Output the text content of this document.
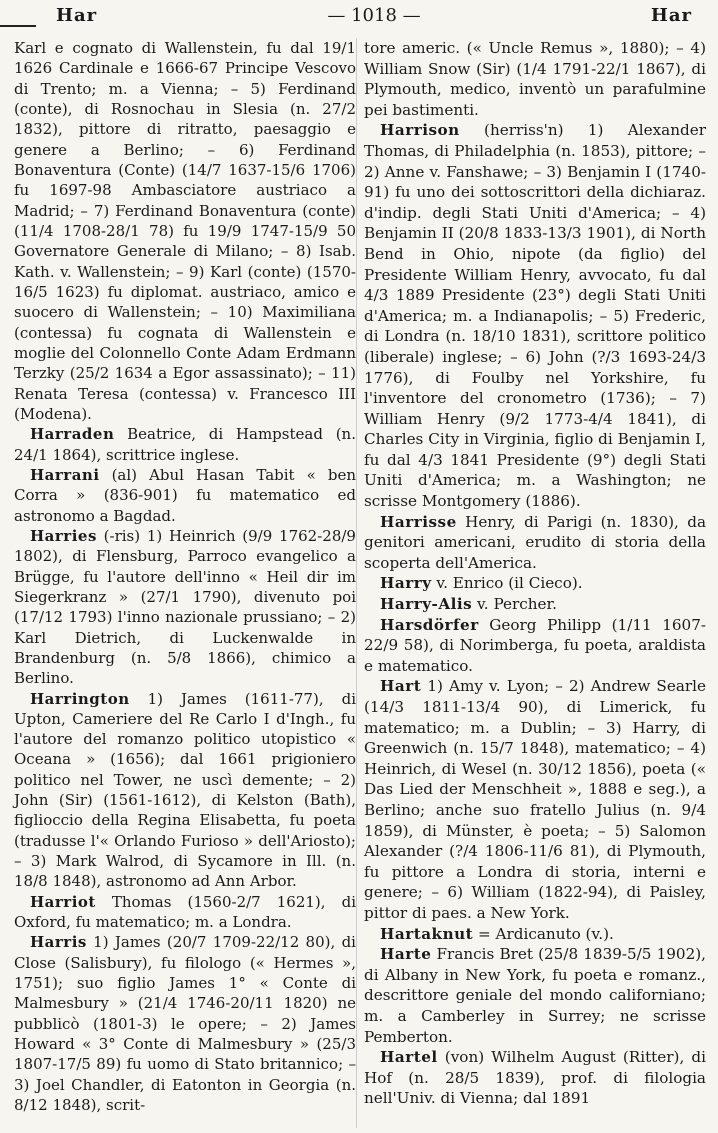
Har	— 1018 —	Har

Karl e cognato di Wallenstein, fu dal 19/1 1626 Cardinale e 1666-67 Principe Vescovo di Trento; m. a Vienna; – 5) Ferdinand (conte), di Rosnochau in Slesia (n. 27/2 1832), pittore di ritratto, paesaggio e genere a Berlino; – 6) Ferdinand Bonaventura (Conte) (14/7 1637-15/6 1706) fu 1697-98 Ambasciatore austriaco a Madrid; – 7) Ferdinand Bonaventura (conte) (11/4 1708-28/1 78) fu 19/9 1747-15/9 50 Governatore Generale di Milano; – 8) Isab. Kath. v. Wallenstein; – 9) Karl (conte) (1570-16/5 1623) fu diplomat. austriaco, amico e suocero di Wallenstein; – 10) Maximiliana (contessa) fu cognata di Wallenstein e moglie del Colonnello Conte Adam Erdmann Terzky (25/2 1634 a Egor assassinato); – 11) Renata Teresa (contessa) v. Francesco III (Modena).

Harraden Beatrice, di Hampstead (n. 24/1 1864), scrittrice inglese.

Harrani (al) Abul Hasan Tabit « ben Corra » (836-901) fu matematico ed astronomo a Bagdad.

Harries (-ris) 1) Heinrich (9/9 1762-28/9 1802), di Flensburg, Parroco evangelico a Brügge, fu l'autore dell'inno « Heil dir im Siegerkranz » (27/1 1790), divenuto poi (17/12 1793) l'inno nazionale prussiano; – 2) Karl Dietrich, di Luckenwalde in Brandenburg (n. 5/8 1866), chimico a Berlino.

Harrington 1) James (1611-77), di Upton, Cameriere del Re Carlo I d'Ingh., fu l'autore del romanzo politico utopistico « Oceana » (1656); dal 1661 prigioniero politico nel Tower, ne uscì demente; – 2) John (Sir) (1561-1612), di Kelston (Bath), figlioccio della Regina Elisabetta, fu poeta (tradusse l'« Orlando Furioso » dell'Ariosto); – 3) Mark Walrod, di Sycamore in Ill. (n. 18/8 1848), astronomo ad Ann Arbor.

Harriot Thomas (1560-2/7 1621), di Oxford, fu matematico; m. a Londra.

Harris 1) James (20/7 1709-22/12 80), di Close (Salisbury), fu filologo (« Hermes », 1751); suo figlio James 1° « Conte di Malmesbury » (21/4 1746-20/11 1820) ne pubblicò (1801-3) le opere; – 2) James Howard « 3° Conte di Malmesbury » (25/3 1807-17/5 89) fu uomo di Stato britannico; – 3) Joel Chandler, di Eatonton in Georgia (n. 8/12 1848), scrit-

tore americ. (« Uncle Remus », 1880); – 4) William Snow (Sir) (1/4 1791-22/1 1867), di Plymouth, medico, inventò un parafulmine pei bastimenti.

Harrison (herriss'n) 1) Alexander Thomas, di Philadelphia (n. 1853), pittore; – 2) Anne v. Fanshawe; – 3) Benjamin I (1740-91) fu uno dei sottoscrittori della dichiaraz. d'indip. degli Stati Uniti d'America; – 4) Benjamin II (20/8 1833-13/3 1901), di North Bend in Ohio, nipote (da figlio) del Presidente William Henry, avvocato, fu dal 4/3 1889 Presidente (23°) degli Stati Uniti d'America; m. a Indianapolis; – 5) Frederic, di Londra (n. 18/10 1831), scrittore politico (liberale) inglese; – 6) John (?/3 1693-24/3 1776), di Foulby nel Yorkshire, fu l'inventore del cronometro (1736); – 7) William Henry (9/2 1773-4/4 1841), di Charles City in Virginia, figlio di Benjamin I, fu dal 4/3 1841 Presidente (9°) degli Stati Uniti d'America; m. a Washington; ne scrisse Montgomery (1886).

Harrisse Henry, di Parigi (n. 1830), da genitori americani, erudito di storia della scoperta dell'America.

Harry v. Enrico (il Cieco).

Harry-Alis v. Percher.

Harsdörfer Georg Philipp (1/11 1607-22/9 58), di Norimberga, fu poeta, araldista e matematico.

Hart 1) Amy v. Lyon; – 2) Andrew Searle (14/3 1811-13/4 90), di Limerick, fu matematico; m. a Dublin; – 3) Harry, di Greenwich (n. 15/7 1848), matematico; – 4) Heinrich, di Wesel (n. 30/12 1856), poeta (« Das Lied der Menschheit », 1888 e seg.), a Berlino; anche suo fratello Julius (n. 9/4 1859), di Münster, è poeta; – 5) Salomon Alexander (?/4 1806-11/6 81), di Plymouth, fu pittore a Londra di storia, interni e genere; – 6) William (1822-94), di Paisley, pittor di paes. a New York.

Hartaknut = Ardicanuto (v.).

Harte Francis Bret (25/8 1839-5/5 1902), di Albany in New York, fu poeta e romanz., descrittore geniale del mondo californiano; m. a Camberley in Surrey; ne scrisse Pemberton.

Hartel (von) Wilhelm August (Ritter), di Hof (n. 28/5 1839), prof. di filologia nell'Univ. di Vienna; dal 1891
